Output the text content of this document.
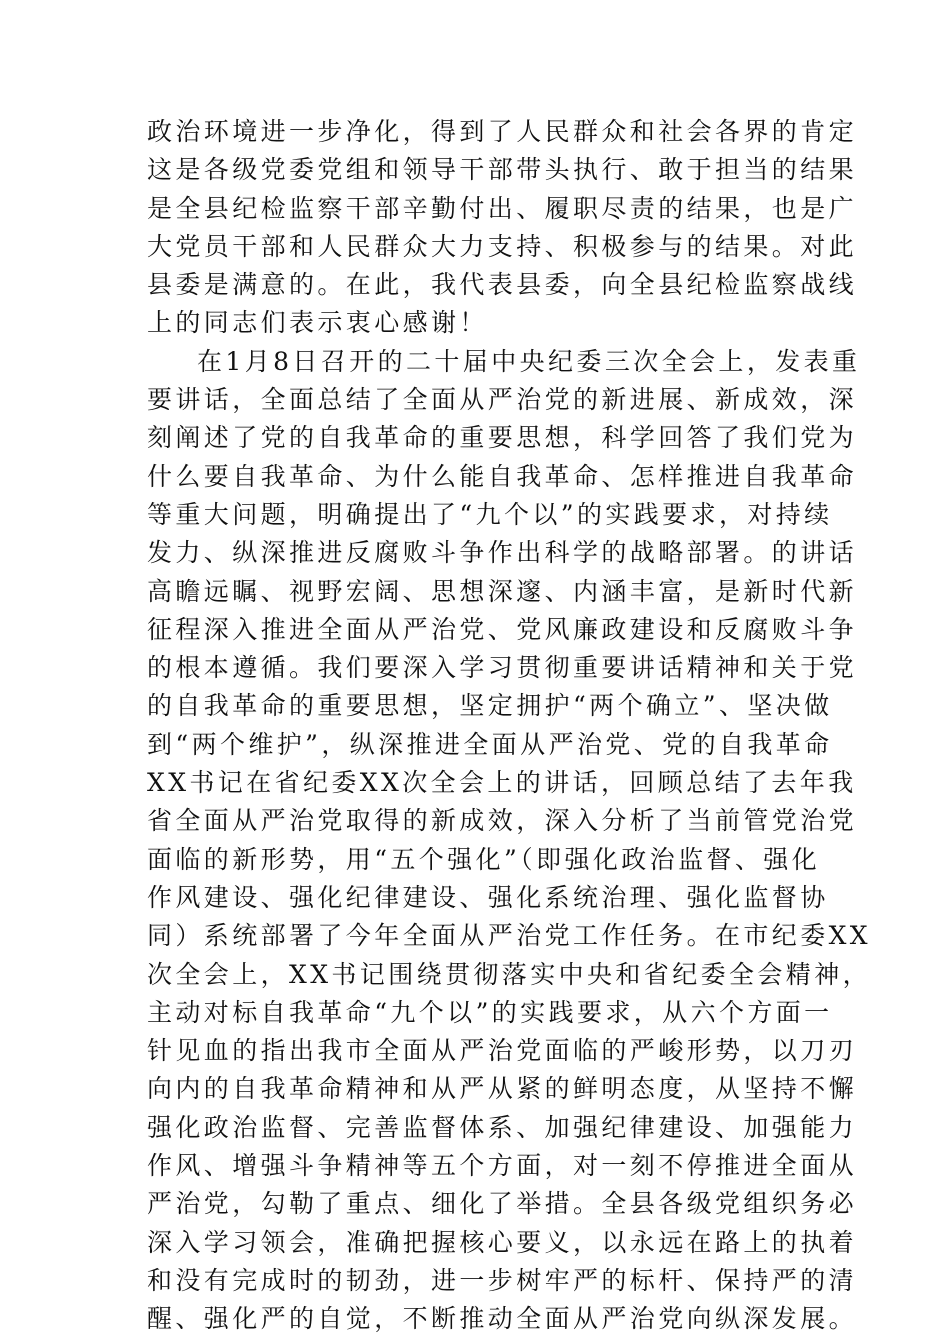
政治环境进一步净化，得到了人民群众和社会各界的肯定
这是各级党委党组和领导干部带头执行、敢于担当的结果
是全县纪检监察干部辛勤付出、履职尽责的结果，也是广
大党员干部和人民群众大力支持、积极参与的结果。对此
县委是满意的。在此，我代表县委，向全县纪检监察战线
上的同志们表示衷心感谢！
在1月8日召开的二十届中央纪委三次全会上，发表重
要讲话，全面总结了全面从严治党的新进展、新成效，深
刻阐述了党的自我革命的重要思想，科学回答了我们党为
什么要自我革命、为什么能自我革命、怎样推进自我革命
等重大问题，明确提出了“九个以”的实践要求，对持续
发力、纵深推进反腐败斗争作出科学的战略部署。的讲话
高瞻远瞩、视野宏阔、思想深邃、内涵丰富，是新时代新
征程深入推进全面从严治党、党风廉政建设和反腐败斗争
的根本遵循。我们要深入学习贯彻重要讲话精神和关于党
的自我革命的重要思想，坚定拥护“两个确立”、坚决做
到“两个维护”，纵深推进全面从严治党、党的自我革命
XX书记在省纪委XX次全会上的讲话，回顾总结了去年我
省全面从严治党取得的新成效，深入分析了当前管党治党
面临的新形势，用“五个强化”（即强化政治监督、强化
作风建设、强化纪律建设、强化系统治理、强化监督协
同）系统部署了今年全面从严治党工作任务。在市纪委XX
次全会上，XX书记围绕贯彻落实中央和省纪委全会精神，
主动对标自我革命“九个以”的实践要求，从六个方面一
针见血的指出我市全面从严治党面临的严峻形势，以刀刃
向内的自我革命精神和从严从紧的鲜明态度，从坚持不懈
强化政治监督、完善监督体系、加强纪律建设、加强能力
作风、增强斗争精神等五个方面，对一刻不停推进全面从
严治党，勾勒了重点、细化了举措。全县各级党组织务必
深入学习领会，准确把握核心要义，以永远在路上的执着
和没有完成时的韧劲，进一步树牢严的标杆、保持严的清
醒、强化严的自觉，不断推动全面从严治党向纵深发展。
